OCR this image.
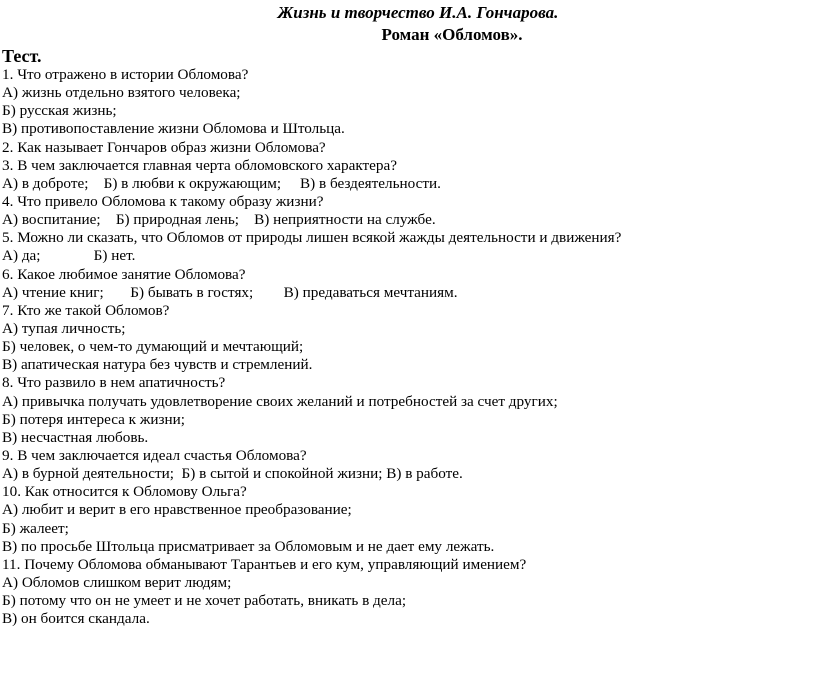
Жизнь и творчество И.А. Гончарова.
Роман «Обломов».
Тест.
1. Что отражено в истории Обломова?
А) жизнь отдельно взятого человека;
Б) русская жизнь;
В) противопоставление жизни Обломова и Штольца.
2. Как называет Гончаров образ жизни Обломова?
3. В чем заключается главная черта обломовского характера?
А) в доброте;    Б) в любви к окружающим;     В) в бездеятельности.
4. Что привело Обломова к такому образу жизни?
А) воспитание;    Б) природная лень;    В) неприятности на службе.
5. Можно ли сказать, что Обломов от природы лишен всякой жажды деятельности и движения?
А) да;              Б) нет.
6. Какое любимое занятие Обломова?
А) чтение книг;       Б) бывать в гостях;        В) предаваться мечтаниям.
7. Кто же такой Обломов?
А) тупая личность;
Б) человек, о чем-то думающий и мечтающий;
В) апатическая натура без чувств и стремлений.
8. Что развило в нем апатичность?
А) привычка получать удовлетворение своих желаний и потребностей за счет других;
Б) потеря интереса к жизни;
В) несчастная любовь.
9. В чем заключается идеал счастья Обломова?
А) в бурной деятельности;  Б) в сытой и спокойной жизни; В) в работе.
10. Как относится к Обломову Ольга?
А) любит и верит в его нравственное преобразование;
Б) жалеет;
В) по просьбе Штольца присматривает за Обломовым и не дает ему лежать.
11. Почему Обломова обманывают Тарантьев и его кум, управляющий имением?
А) Обломов слишком верит людям;
Б) потому что он не умеет и не хочет работать, вникать в дела;
В) он боится скандала.
